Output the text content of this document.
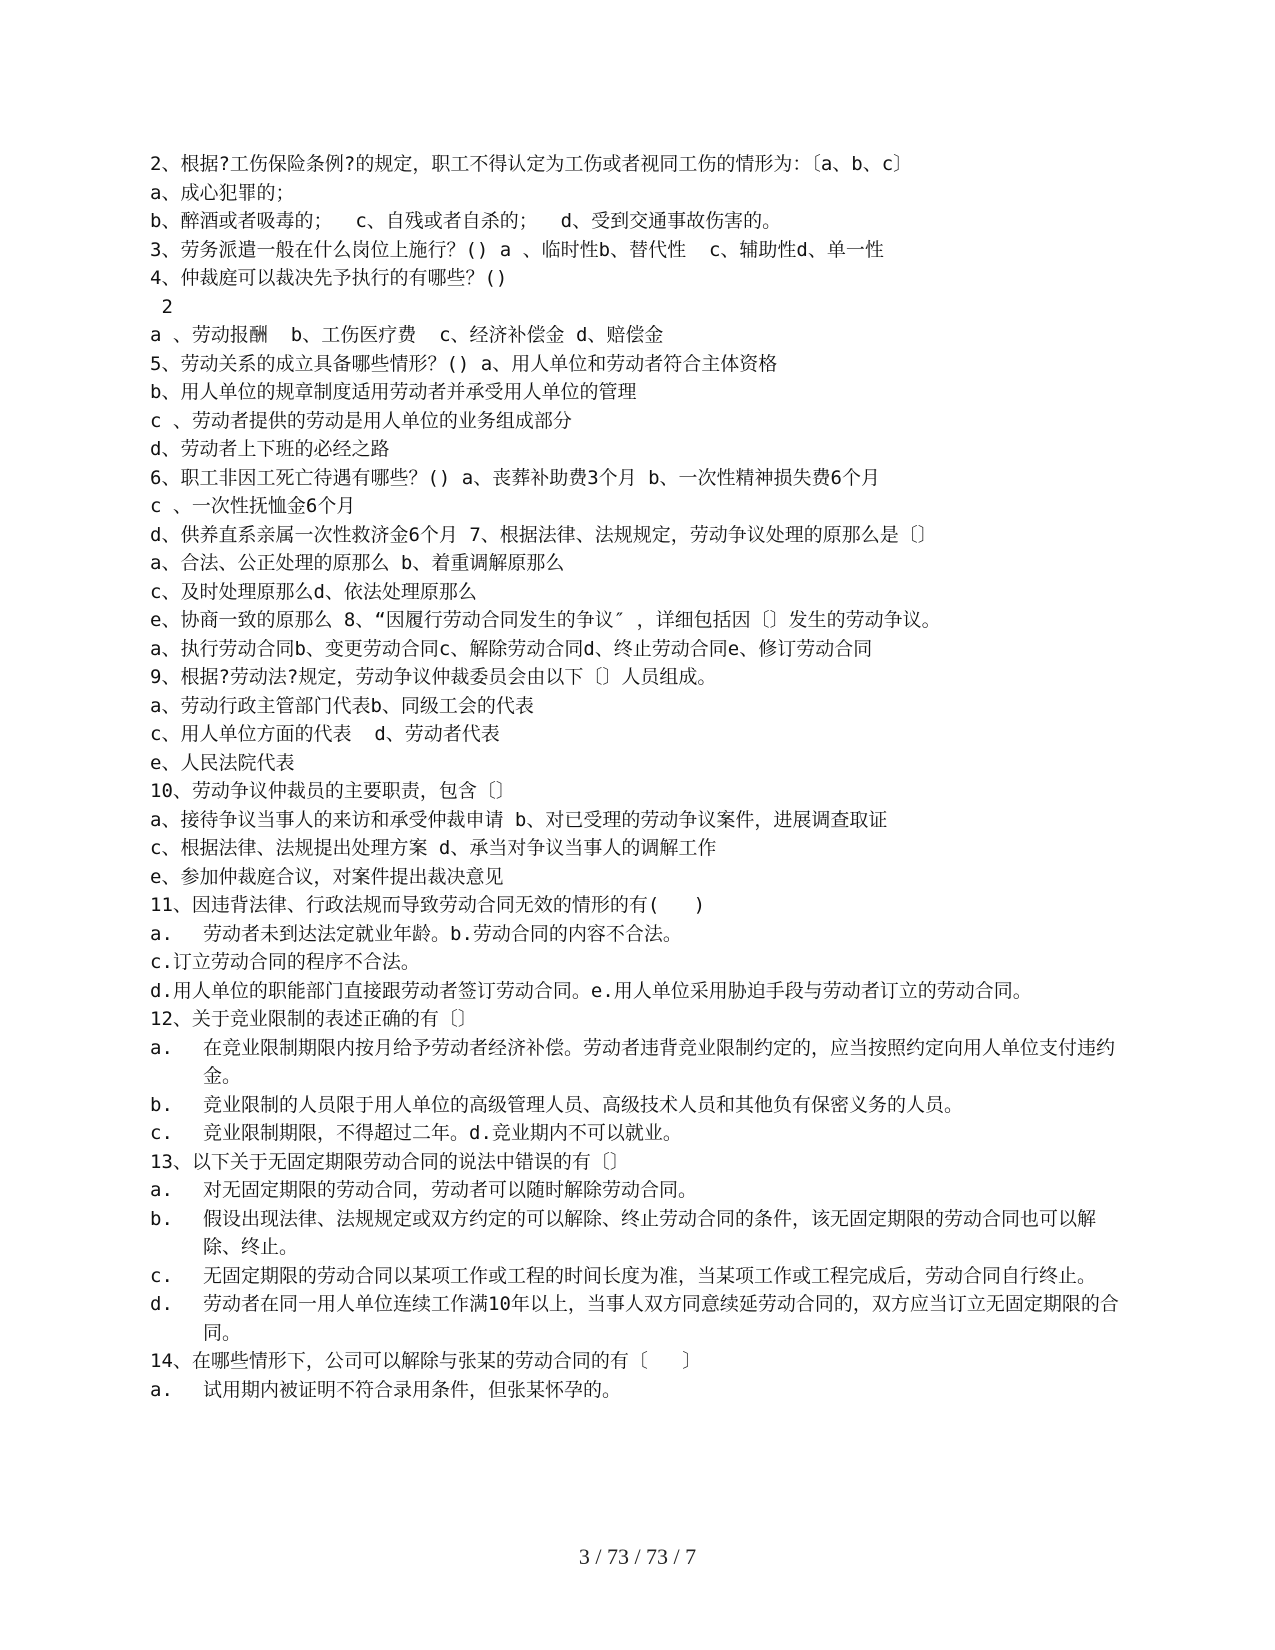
2、根据?工伤保险条例?的规定，职工不得认定为工伤或者视同工伤的情形为：〔a、b、c〕

a、成心犯罪的；

b、醉酒或者吸毒的；  c、自残或者自杀的；  d、受到交通事故伤害的。

3、劳务派遣一般在什么岗位上施行？() a 、临时性b、替代性  c、辅助性d、单一性

4、仲裁庭可以裁决先予执行的有哪些？()

2

a 、劳动报酬  b、工伤医疗费  c、经济补偿金 d、赔偿金

5、劳动关系的成立具备哪些情形？() a、用人单位和劳动者符合主体资格

b、用人单位的规章制度适用劳动者并承受用人单位的管理

c 、劳动者提供的劳动是用人单位的业务组成部分

d、劳动者上下班的必经之路

6、职工非因工死亡待遇有哪些？() a、丧葬补助费3个月 b、一次性精神损失费6个月

c 、一次性抚恤金6个月

d、供养直系亲属一次性救济金6个月 7、根据法律、法规规定，劳动争议处理的原那么是〔〕

a、合法、公正处理的原那么 b、着重调解原那么

c、及时处理原那么d、依法处理原那么

e、协商一致的原那么 8、“因履行劳动合同发生的争议″ ，详细包括因〔〕发生的劳动争议。

a、执行劳动合同b、变更劳动合同c、解除劳动合同d、终止劳动合同e、修订劳动合同

9、根据?劳动法?规定，劳动争议仲裁委员会由以下〔〕人员组成。

a、劳动行政主管部门代表b、同级工会的代表

c、用人单位方面的代表  d、劳动者代表

e、人民法院代表

10、劳动争议仲裁员的主要职责，包含〔〕

a、接待争议当事人的来访和承受仲裁申请 b、对已受理的劳动争议案件，进展调查取证

c、根据法律、法规提出处理方案 d、承当对争议当事人的调解工作

e、参加仲裁庭合议，对案件提出裁决意见

11、因违背法律、行政法规而导致劳动合同无效的情形的有(   )

a.	劳动者未到达法定就业年龄。b.劳动合同的内容不合法。

c.订立劳动合同的程序不合法。

d.用人单位的职能部门直接跟劳动者签订劳动合同。e.用人单位采用胁迫手段与劳动者订立的劳动合同。

12、关于竞业限制的表述正确的有〔〕

a.	在竞业限制期限内按月给予劳动者经济补偿。劳动者违背竞业限制约定的，应当按照约定向用人单位支付违约金。
b.	竞业限制的人员限于用人单位的高级管理人员、高级技术人员和其他负有保密义务的人员。
c.	竞业限制期限，不得超过二年。d.竞业期内不可以就业。

13、以下关于无固定期限劳动合同的说法中错误的有〔〕

a.	对无固定期限的劳动合同，劳动者可以随时解除劳动合同。
b.	假设出现法律、法规规定或双方约定的可以解除、终止劳动合同的条件，该无固定期限的劳动合同也可以解除、终止。
c.	无固定期限的劳动合同以某项工作或工程的时间长度为准，当某项工作或工程完成后，劳动合同自行终止。
d.	劳动者在同一用人单位连续工作满10年以上，当事人双方同意续延劳动合同的，双方应当订立无固定期限的合同。

14、在哪些情形下，公司可以解除与张某的劳动合同的有〔   〕

a.	试用期内被证明不符合录用条件，但张某怀孕的。
3 / 73 / 73 / 7
